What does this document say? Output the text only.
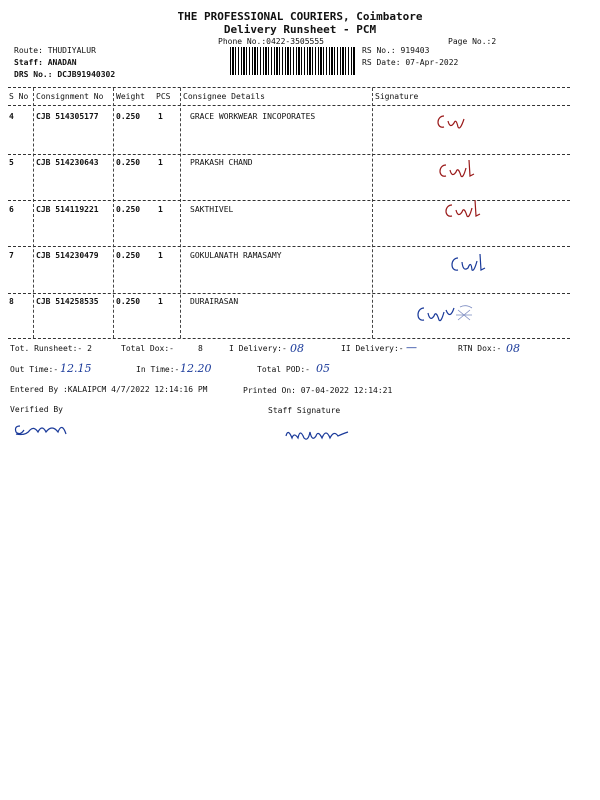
THE PROFESSIONAL COURIERS, Coimbatore
Delivery Runsheet - PCM
Phone No.:0422-3505555	Page No.:2
Route: THUDIYALUR
Staff: ANADAN
DRS No.: DCJB91940302
RS No.: 919403
RS Date: 07-Apr-2022
S No Consignment No Weight PCS Consignee Details	Signature
4	CJB 514305177 0.250 1	GRACE WORKWEAR INCOPORATES
5	CJB 514230643 0.250 1	PRAKASH CHAND
6	CJB 514119221 0.250 1	SAKTHIVEL
7	CJB 514230479 0.250 1	GOKULANATH RAMASAMY
8	CJB 514258535 0.250 1	DURAIRASAN
Tot. Runsheet:- 2	Total Dox:-	8	I Delivery:- 08	II Delivery:- —	RTN Dox:- 08
Out Time:- 12.15	In Time:- 12.20	Total POD:- 05
Entered By :KALAIPCM 4/7/2022 12:14:16 PM	Printed On: 07-04-2022 12:14:21
Verified By	Staff Signature
